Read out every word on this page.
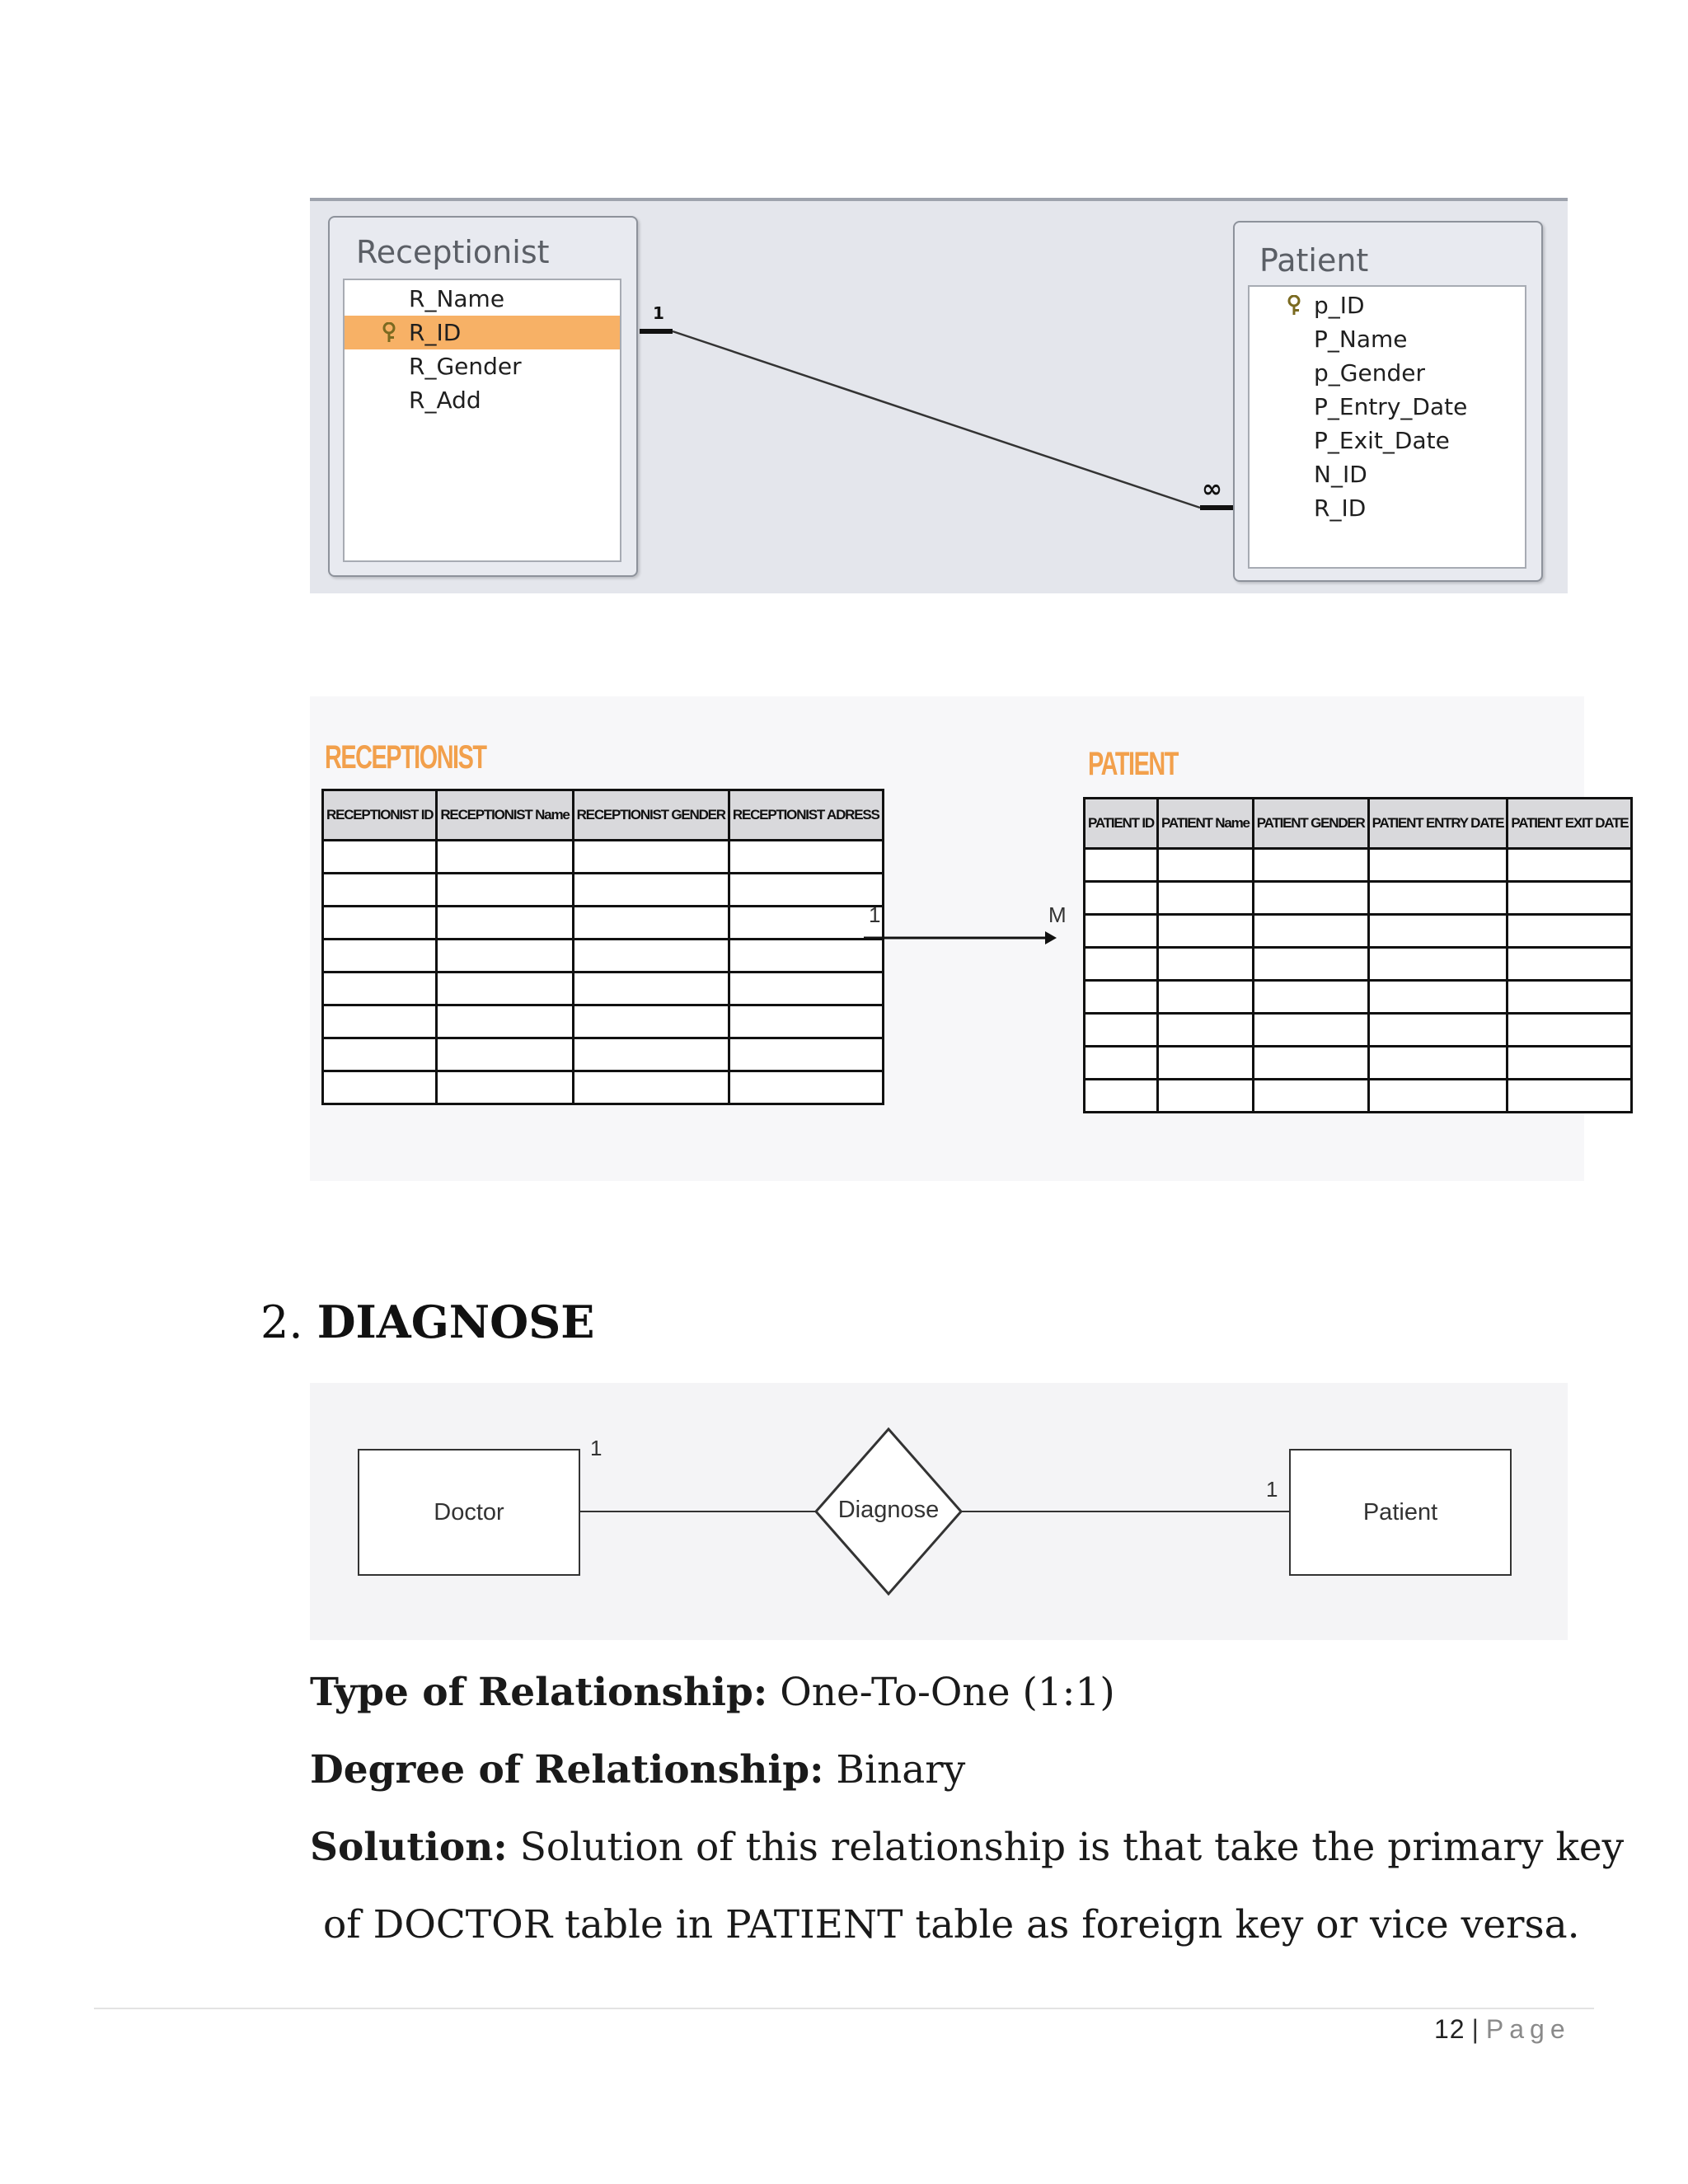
Receptionist
R_Name
R_ID
R_Gender
R_Add
Patient
p_ID
P_Name
p_Gender
P_Entry_Date
P_Exit_Date
N_ID
R_ID
1
∞
RECEPTIONIST
RECEPTIONIST ID	RECEPTIONIST Name	RECEPTIONIST GENDER	RECEPTIONIST ADRESS

1	M
PATIENT
PATIENT ID	PATIENT Name	PATIENT GENDER	PATIENT ENTRY DATE	PATIENT EXIT DATE

2. DIAGNOSE
Doctor	Diagnose	Patient
1
1
Type of Relationship: One-To-One (1:1)
Degree of Relationship: Binary
Solution: Solution of this relationship is that take the primary key
of DOCTOR table in PATIENT table as foreign key or vice versa.
12 | Page
